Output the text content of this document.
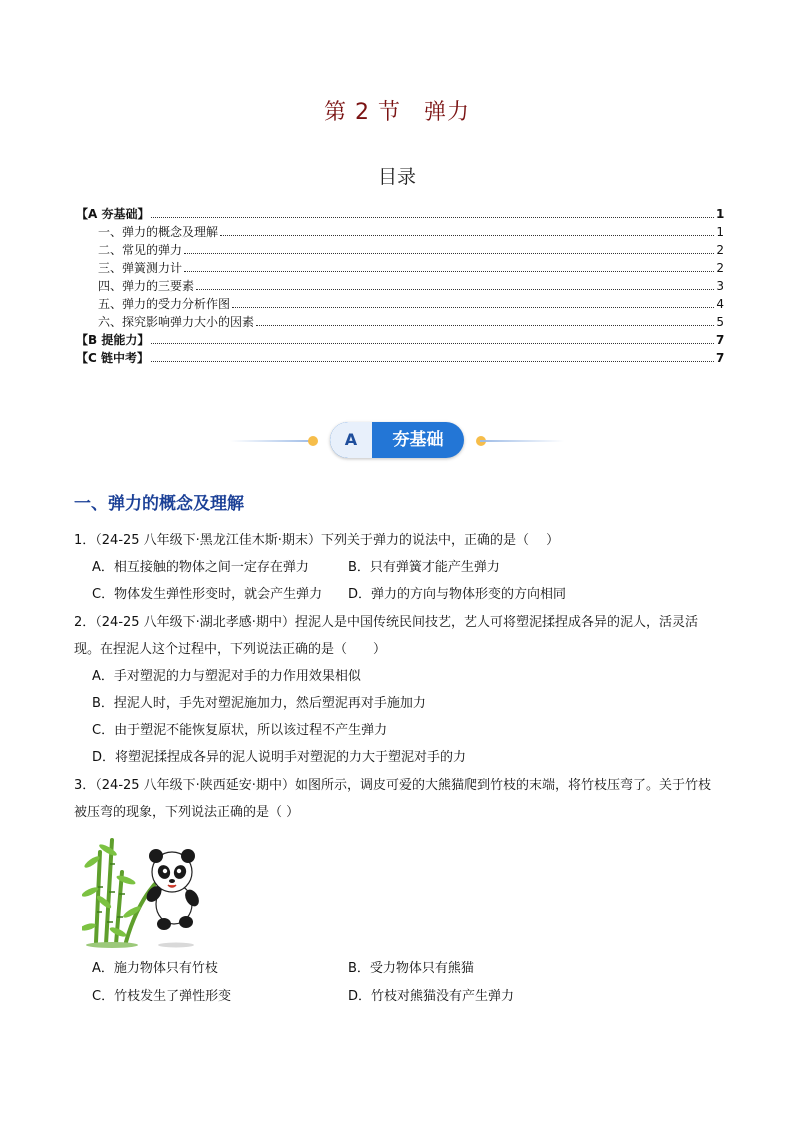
第 2 节　弹力
目录
【A 夯基础】	1
一、弹力的概念及理解	1
二、常见的弹力	2
三、弹簧测力计	2
四、弹力的三要素	3
五、弹力的受力分析作图	4
六、探究影响弹力大小的因素	5
【B 提能力】	7
【C 链中考】	7
A	夯基础
一、弹力的概念及理解
1．（24-25 八年级下·黑龙江佳木斯·期末）下列关于弹力的说法中，正确的是（　 ）
A．相互接触的物体之间一定存在弹力	B．只有弹簧才能产生弹力
C．物体发生弹性形变时，就会产生弹力 D．弹力的方向与物体形变的方向相同
2．（24-25 八年级下·湖北孝感·期中）捏泥人是中国传统民间技艺，艺人可将塑泥揉捏成各异的泥人，活灵活现。在捏泥人这个过程中，下列说法正确的是（　　）
A．手对塑泥的力与塑泥对手的力作用效果相似
B．捏泥人时，手先对塑泥施加力，然后塑泥再对手施加力
C．由于塑泥不能恢复原状，所以该过程不产生弹力
D．将塑泥揉捏成各异的泥人说明手对塑泥的力大于塑泥对手的力
3．（24-25 八年级下·陕西延安·期中）如图所示，调皮可爱的大熊猫爬到竹枝的末端，将竹枝压弯了。关于竹枝被压弯的现象，下列说法正确的是（ ）
A．施力物体只有竹枝	B．受力物体只有熊猫
C．竹枝发生了弹性形变	D．竹枝对熊猫没有产生弹力
